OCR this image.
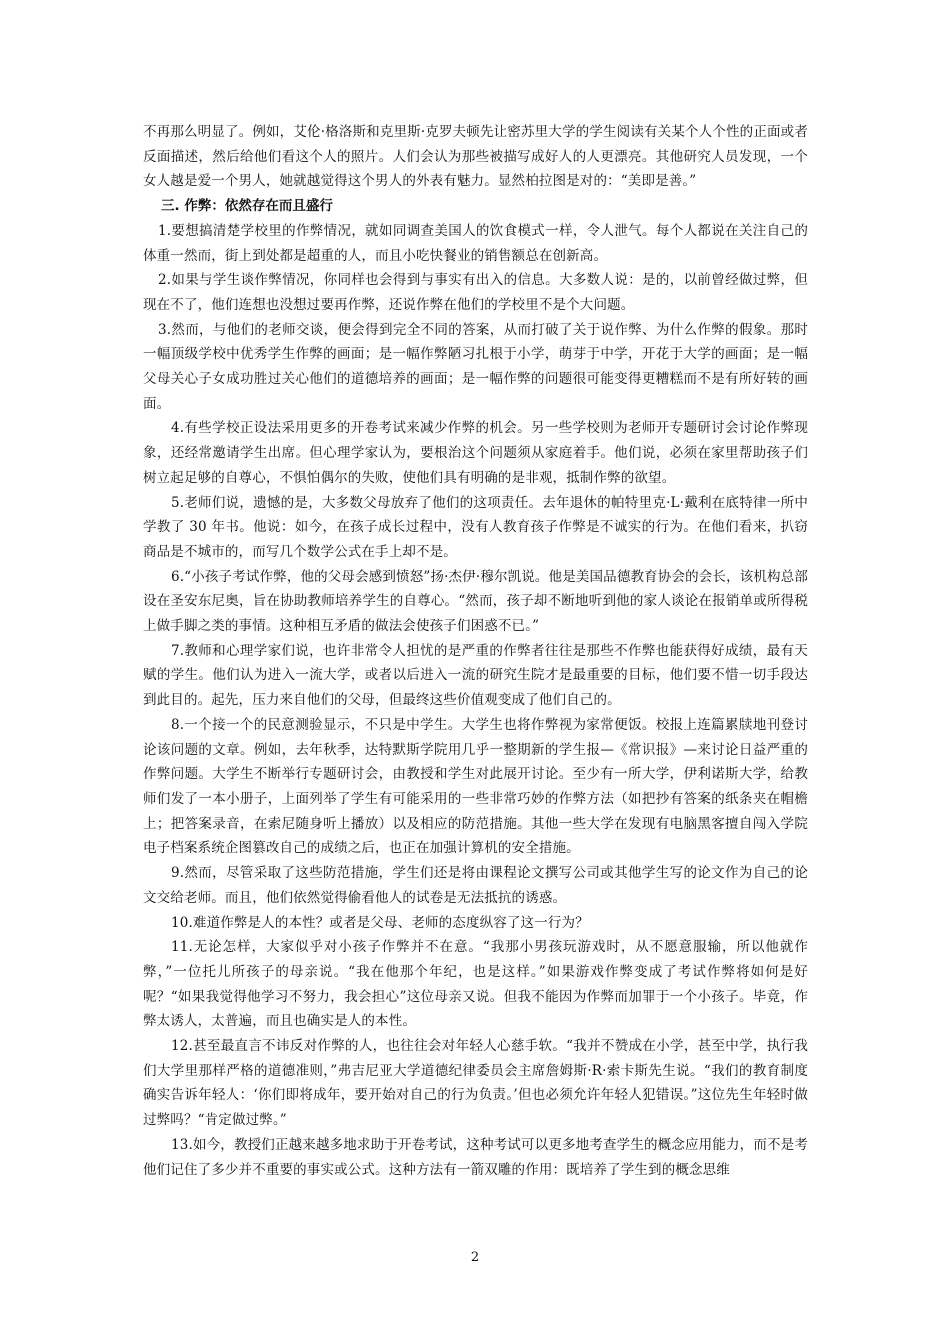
不再那么明显了。例如，艾伦·格洛斯和克里斯·克罗夫顿先让密苏里大学的学生阅读有关某个人个性的正面或者反面描述，然后给他们看这个人的照片。人们会认为那些被描写成好人的人更漂亮。其他研究人员发现，一个女人越是爱一个男人，她就越觉得这个男人的外表有魅力。显然柏拉图是对的：“美即是善。”

三. 作弊：依然存在而且盛行

1.要想搞清楚学校里的作弊情况，就如同调查美国人的饮食模式一样，令人泄气。每个人都说在关注自己的体重一然而，街上到处都是超重的人，而且小吃快餐业的销售额总在创新高。

2.如果与学生谈作弊情况，你同样也会得到与事实有出入的信息。大多数人说：是的，以前曾经做过弊，但现在不了，他们连想也没想过要再作弊，还说作弊在他们的学校里不是个大问题。

3.然而，与他们的老师交谈，便会得到完全不同的答案，从而打破了关于说作弊、为什么作弊的假象。那时一幅顶级学校中优秀学生作弊的画面；是一幅作弊陋习扎根于小学，萌芽于中学，开花于大学的画面；是一幅父母关心子女成功胜过关心他们的道德培养的画面；是一幅作弊的问题很可能变得更糟糕而不是有所好转的画面。

4.有些学校正设法采用更多的开卷考试来减少作弊的机会。另一些学校则为老师开专题研讨会讨论作弊现象，还经常邀请学生出席。但心理学家认为，要根治这个问题须从家庭着手。他们说，必须在家里帮助孩子们树立起足够的自尊心，不惧怕偶尔的失败，使他们具有明确的是非观，抵制作弊的欲望。

5.老师们说，遗憾的是，大多数父母放弃了他们的这项责任。去年退休的帕特里克·L·戴利在底特律一所中学教了 30 年书。他说：如今，在孩子成长过程中，没有人教育孩子作弊是不诚实的行为。在他们看来，扒窃商品是不城市的，而写几个数学公式在手上却不是。

6.“小孩子考试作弊，他的父母会感到愤怒”扬·杰伊·穆尔凯说。他是美国品德教育协会的会长，该机构总部设在圣安东尼奥，旨在协助教师培养学生的自尊心。“然而，孩子却不断地听到他的家人谈论在报销单或所得税上做手脚之类的事情。这种相互矛盾的做法会使孩子们困惑不已。”

7.教师和心理学家们说，也许非常令人担忧的是严重的作弊者往往是那些不作弊也能获得好成绩，最有天赋的学生。他们认为进入一流大学，或者以后进入一流的研究生院才是最重要的目标，他们要不惜一切手段达到此目的。起先，压力来自他们的父母，但最终这些价值观变成了他们自己的。

8.一个接一个的民意测验显示，不只是中学生。大学生也将作弊视为家常便饭。校报上连篇累牍地刊登讨论该问题的文章。例如，去年秋季，达特默斯学院用几乎一整期新的学生报—《常识报》—来讨论日益严重的作弊问题。大学生不断举行专题研讨会，由教授和学生对此展开讨论。至少有一所大学，伊利诺斯大学，给教师们发了一本小册子，上面列举了学生有可能采用的一些非常巧妙的作弊方法（如把抄有答案的纸条夹在帽檐上；把答案录音，在索尼随身听上播放）以及相应的防范措施。其他一些大学在发现有电脑黑客擅自闯入学院电子档案系统企图篡改自己的成绩之后，也正在加强计算机的安全措施。

9.然而，尽管采取了这些防范措施，学生们还是将由课程论文撰写公司或其他学生写的论文作为自己的论文交给老师。而且，他们依然觉得偷看他人的试卷是无法抵抗的诱惑。

10.难道作弊是人的本性？或者是父母、老师的态度纵容了这一行为？

11.无论怎样，大家似乎对小孩子作弊并不在意。“我那小男孩玩游戏时，从不愿意服输，所以他就作弊，”一位托儿所孩子的母亲说。“我在他那个年纪，也是这样。”如果游戏作弊变成了考试作弊将如何是好呢？“如果我觉得他学习不努力，我会担心”这位母亲又说。但我不能因为作弊而加罪于一个小孩子。毕竟，作弊太诱人，太普遍，而且也确实是人的本性。

12.甚至最直言不讳反对作弊的人，也往往会对年轻人心慈手软。“我并不赞成在小学，甚至中学，执行我们大学里那样严格的道德准则，”弗吉尼亚大学道德纪律委员会主席詹姆斯·R·索卡斯先生说。“我们的教育制度确实告诉年轻人：‘你们即将成年，要开始对自己的行为负责。’但也必须允许年轻人犯错误。”这位先生年轻时做过弊吗？“肯定做过弊。”

13.如今，教授们正越来越多地求助于开卷考试，这种考试可以更多地考查学生的概念应用能力，而不是考他们记住了多少并不重要的事实或公式。这种方法有一箭双雕的作用：既培养了学生到的概念思维

2
